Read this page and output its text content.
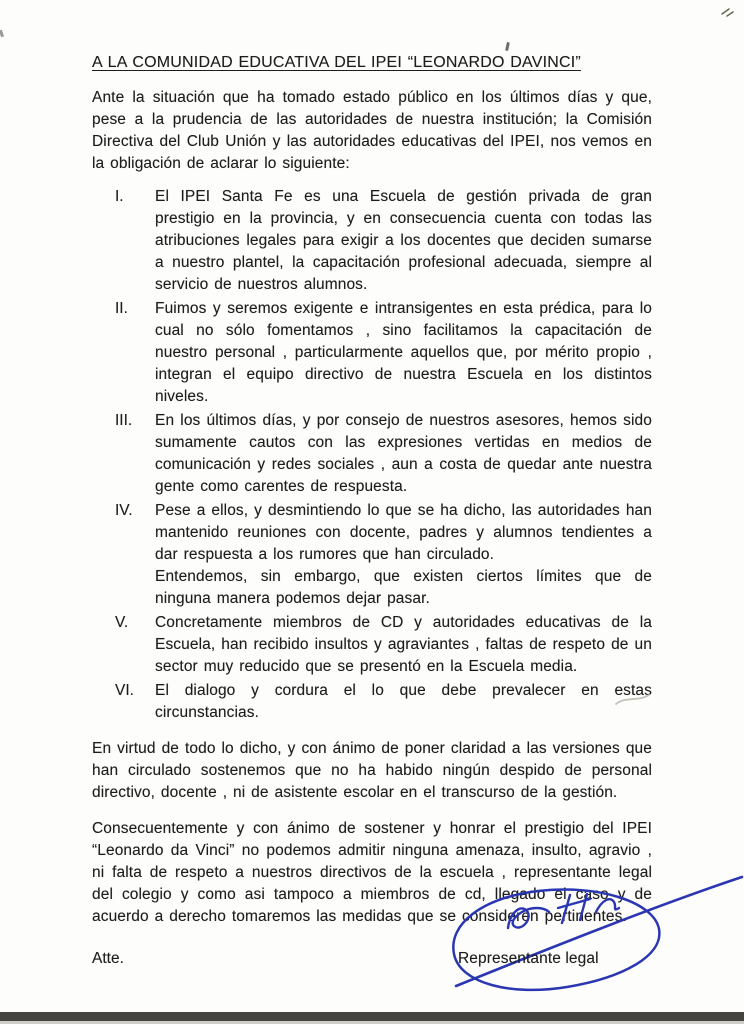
A LA COMUNIDAD EDUCATIVA DEL IPEI “LEONARDO DAVINCI”
Ante la situación que ha tomado estado público en los últimos días y que, pese a la prudencia de las autoridades de nuestra institución; la Comisión Directiva del Club Unión y las autoridades educativas del IPEI, nos vemos en la obligación de aclarar lo siguiente:
I.	El IPEI Santa Fe es una Escuela de gestión privada de gran prestigio en la provincia, y en consecuencia cuenta con todas las atribuciones legales para exigir a los docentes que deciden sumarse a nuestro plantel, la capacitación profesional adecuada, siempre al servicio de nuestros alumnos.
II.	Fuimos y seremos exigente e intransigentes en esta prédica, para lo cual no sólo fomentamos , sino facilitamos la capacitación de nuestro personal , particularmente aquellos que, por mérito propio , integran el equipo directivo de nuestra Escuela en los distintos niveles.
III.	En los últimos días, y por consejo de nuestros asesores, hemos sido sumamente cautos con las expresiones vertidas en medios de comunicación y redes sociales , aun a costa de quedar ante nuestra gente como carentes de respuesta.
IV.	Pese a ellos, y desmintiendo lo que se ha dicho, las autoridades han mantenido reuniones con docente, padres y alumnos tendientes a dar respuesta a los rumores que han circulado.
Entendemos, sin embargo, que existen ciertos límites que de ninguna manera podemos dejar pasar.
V.	Concretamente miembros de CD y autoridades educativas de la Escuela, han recibido insultos y agraviantes , faltas de respeto de un sector muy reducido que se presentó en la Escuela media.
VI.	El dialogo y cordura el lo que debe prevalecer en estas circunstancias.
En virtud de todo lo dicho, y con ánimo de poner claridad a las versiones que han circulado sostenemos que no ha habido ningún despido de personal directivo, docente , ni de asistente escolar en el transcurso de la gestión.
Consecuentemente y con ánimo de sostener y honrar el prestigio del IPEI “Leonardo da Vinci” no podemos admitir ninguna amenaza, insulto, agravio , ni falta de respeto a nuestros directivos de la escuela , representante legal del colegio y como asi tampoco a miembros de cd, llegado el caso y de acuerdo a derecho tomaremos las medidas que se consideren pertinentes.
Atte.	Representante legal
